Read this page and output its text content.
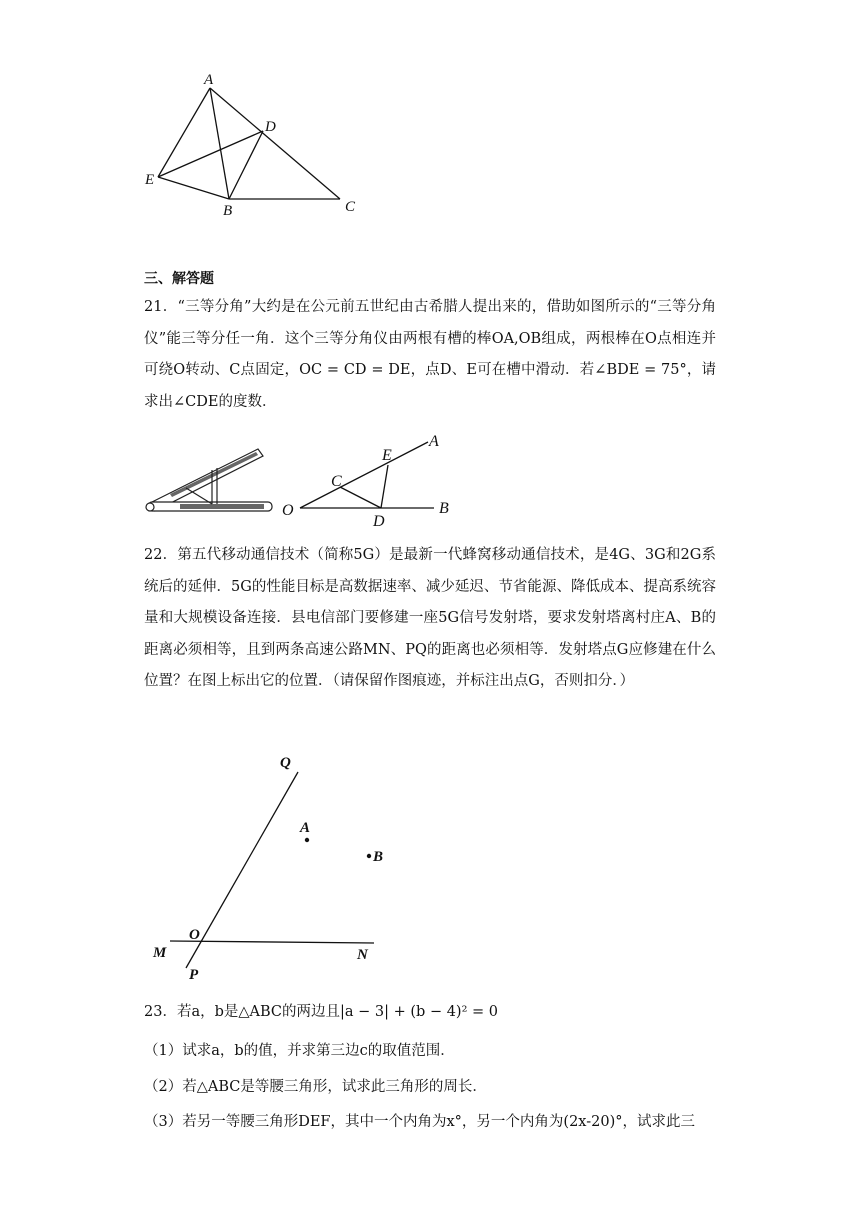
A
D
E
B	C
三、解答题

21．“三等分角”大约是在公元前五世纪由古希腊人提出来的，借助如图所示的“三等分角仪”能三等分任一角．这个三等分角仪由两根有槽的棒OA,OB组成，两根棒在O点相连并可绕O转动、C点固定，OC = CD = DE，点D、E可在槽中滑动．若∠BDE = 75°，请求出∠CDE的度数．

O
C
E
A
B
D

22．第五代移动通信技术（简称5G）是最新一代蜂窝移动通信技术，是4G、3G和2G系统后的延伸．5G的性能目标是高数据速率、减少延迟、节省能源、降低成本、提高系统容量和大规模设备连接．县电信部门要修建一座5G信号发射塔，要求发射塔离村庄A、B的距离必须相等，且到两条高速公路MN、PQ的距离也必须相等．发射塔点G应修建在什么位置？在图上标出它的位置．（请保留作图痕迹，并标注出点G，否则扣分．）

Q
A
B
O
M	N
P
23．若a，b是△ABC的两边且|a − 3| + (b − 4)² = 0
（1）试求a，b的值，并求第三边c的取值范围．
（2）若△ABC是等腰三角形，试求此三角形的周长．
（3）若另一等腰三角形DEF，其中一个内角为x°，另一个内角为(2x-20)°，试求此三
